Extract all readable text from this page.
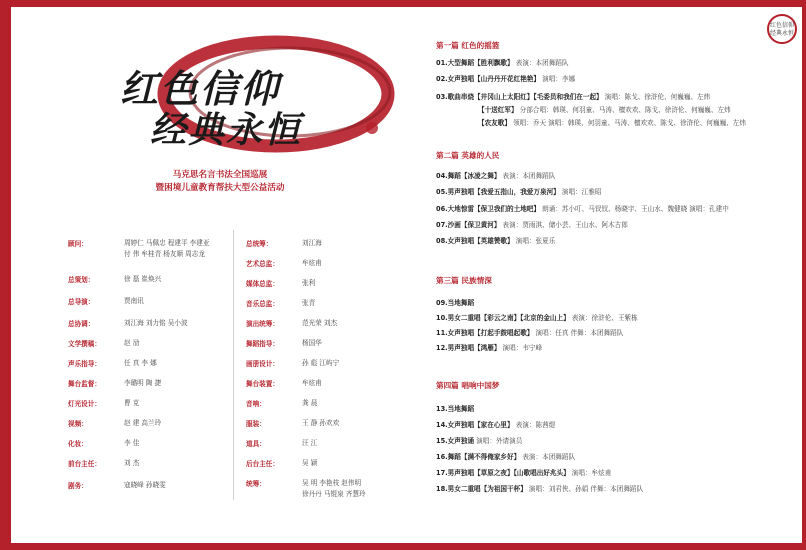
红色信仰
经典永恒
马克思名言书法全国巡展
暨困境儿童教育帮扶大型公益活动
顾问：	周婷仁 马佩忠 程建平 李建亚
付 伟 牟桂青 杨友顺 周志龙
总策划：	徐 磊 崔焕兴
总导演：	贾南讯
总协调：	刘江海 刘力铭 吴小波
文学撰稿：	赵 劢
声乐指导：	任 真 李 娜
舞台监督：	李璐明 陶 捷
灯光设计：	曹 克
视频：	赵 建 高兰玲
化妆：	李 佳
前台主任：	刘 杰
剧务：	寇晓峰 孙晓雯
总统筹：	刘江海
艺术总监：	牟炫甫
媒体总监：	张利
音乐总监：	张青
演出统筹：	范光荣 刘杰
舞蹈指导：	杨国华
画册设计：	孙 彪 江屿宁
舞台装置：	牟炫甫
音响：	龚 晨
服装：	王 静 孙欢欢
道具：	汪 江
后台主任：	吴 颖
统筹：	吴 明 李艳枝 赵伟明
徐丹丹 马锟泉 齐慧玲
红色信仰
经典永恒
第一篇 红色的摇篮
第二篇 英雄的人民
第三篇 民族情深
第四篇 唱响中国梦
01.大型舞蹈【胜利飘歌】 表演：本团舞蹈队
02.女声独唱【山丹丹开花红艳艳】 演唱：李娜
03.歌曲串烧【井冈山上太阳红】【毛委员和我们在一起】 演唱：陈戈、徐浒伦、何巍巍、左炜
【十送红军】 分部合唱：韩瑛、何羽童、马涛、檀欢欢、陈戈、徐浒伦、何巍巍、左炜
【农友歌】 领唱：乔天 演唱：韩瑛、何羽童、马涛、檀欢欢、陈戈、徐浒伦、何巍巍、左炜
04.舞蹈【冰凌之舞】 表演：本团舞蹈队
05.男声独唱【我爱五指山，我爱万泉河】 演唱：江雅昭
06.大地惊雷【保卫我们的土地吧】 朗诵：苏小叮、马钗钗、杨晓宇、王山水、魏健晓 演唱：孔建中
07.沙画【保卫黄河】 表演：贾雨淇、储小芸、王山水、阿木古郎
08.女声独唱【英雄赞歌】 演唱：张夏乐
09.当地舞蹈
10.男女二重唱【彩云之南】【北京的金山上】 表演：徐浒伦、王紫栋
11.女声独唱【打起手鼓唱起歌】 演唱：任真 伴舞：本团舞蹈队
12.男声独唱【鸿雁】 演唱：韦宁峰
13.当地舞蹈
14.女声独唱【家在心里】 表演：陈茜缇
15.女声独诵 演唱：外请演员
16.舞蹈【满不得俺家乡好】 表演：本团舞蹈队
17.男声独唱【草原之夜】【山歌唱出好兆头】 演唱：牟炫甫
18.男女二重唱【为祖国干杯】 演唱：刘君侠、孙娟 伴舞：本团舞蹈队
